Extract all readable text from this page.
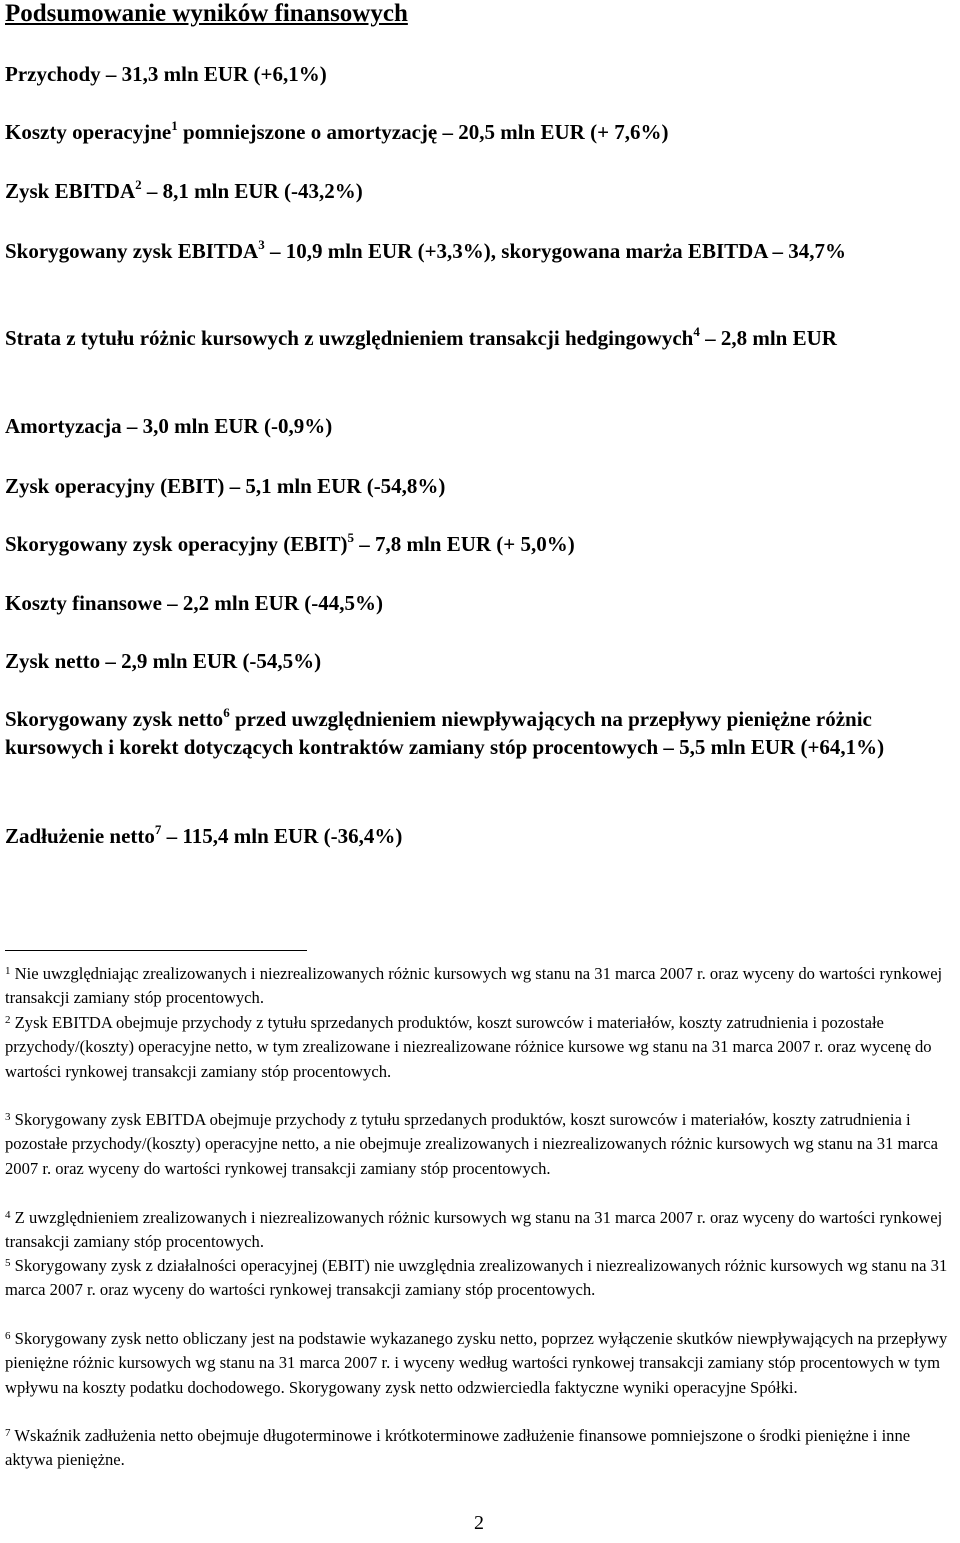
Podsumowanie wyników finansowych
Przychody – 31,3 mln EUR (+6,1%)
Koszty operacyjne$^1$ pomniejszone o amortyzację – 20,5 mln EUR (+ 7,6%)
Zysk EBITDA$^2$ – 8,1 mln EUR (-43,2%)
Skorygowany zysk EBITDA$^3$ – 10,9 mln EUR (+3,3%), skorygowana marża EBITDA – 34,7%
Strata z tytułu różnic kursowych z uwzględnieniem transakcji hedgingowych$^4$ – 2,8 mln EUR
Amortyzacja – 3,0 mln EUR (-0,9%)
Zysk operacyjny (EBIT) – 5,1 mln EUR (-54,8%)
Skorygowany zysk operacyjny (EBIT)$^5$ – 7,8 mln EUR (+ 5,0%)
Koszty finansowe – 2,2 mln EUR (-44,5%)
Zysk netto – 2,9 mln EUR (-54,5%)
Skorygowany zysk netto$^6$ przed uwzględnieniem niewpływających na przepływy pieniężne różnic kursowych i korekt dotyczących kontraktów zamiany stóp procentowych – 5,5 mln EUR (+64,1%)
Zadłużenie netto$^7$ – 115,4 mln EUR (-36,4%)
$^1$ Nie uwzględniając zrealizowanych i niezrealizowanych różnic kursowych wg stanu na 31 marca 2007 r. oraz wyceny do wartości rynkowej transakcji zamiany stóp procentowych.
$^2$ Zysk EBITDA obejmuje przychody z tytułu sprzedanych produktów, koszt surowców i materiałów, koszty zatrudnienia i pozostałe przychody/(koszty) operacyjne netto, w tym zrealizowane i niezrealizowane różnice kursowe wg stanu na 31 marca 2007 r. oraz wycenę do wartości rynkowej transakcji zamiany stóp procentowych.
$^3$ Skorygowany zysk EBITDA obejmuje przychody z tytułu sprzedanych produktów, koszt surowców i materiałów, koszty zatrudnienia i pozostałe przychody/(koszty) operacyjne netto, a nie obejmuje zrealizowanych i niezrealizowanych różnic kursowych wg stanu na 31 marca 2007 r. oraz wyceny do wartości rynkowej transakcji zamiany stóp procentowych.
$^4$ Z uwzględnieniem zrealizowanych i niezrealizowanych różnic kursowych wg stanu na 31 marca 2007 r. oraz wyceny do wartości rynkowej transakcji zamiany stóp procentowych.
$^5$ Skorygowany zysk z działalności operacyjnej (EBIT) nie uwzględnia zrealizowanych i niezrealizowanych różnic kursowych wg stanu na 31 marca 2007 r. oraz wyceny do wartości rynkowej transakcji zamiany stóp procentowych.
$^6$ Skorygowany zysk netto obliczany jest na podstawie wykazanego zysku netto, poprzez wyłączenie skutków niewpływających na przepływy pieniężne różnic kursowych wg stanu na 31 marca 2007 r. i wyceny według wartości rynkowej transakcji zamiany stóp procentowych w tym wpływu na koszty podatku dochodowego. Skorygowany zysk netto odzwierciedla faktyczne wyniki operacyjne Spółki.
$^7$ Wskaźnik zadłużenia netto obejmuje długoterminowe i krótkoterminowe zadłużenie finansowe pomniejszone o środki pieniężne i inne aktywa pieniężne.
2
